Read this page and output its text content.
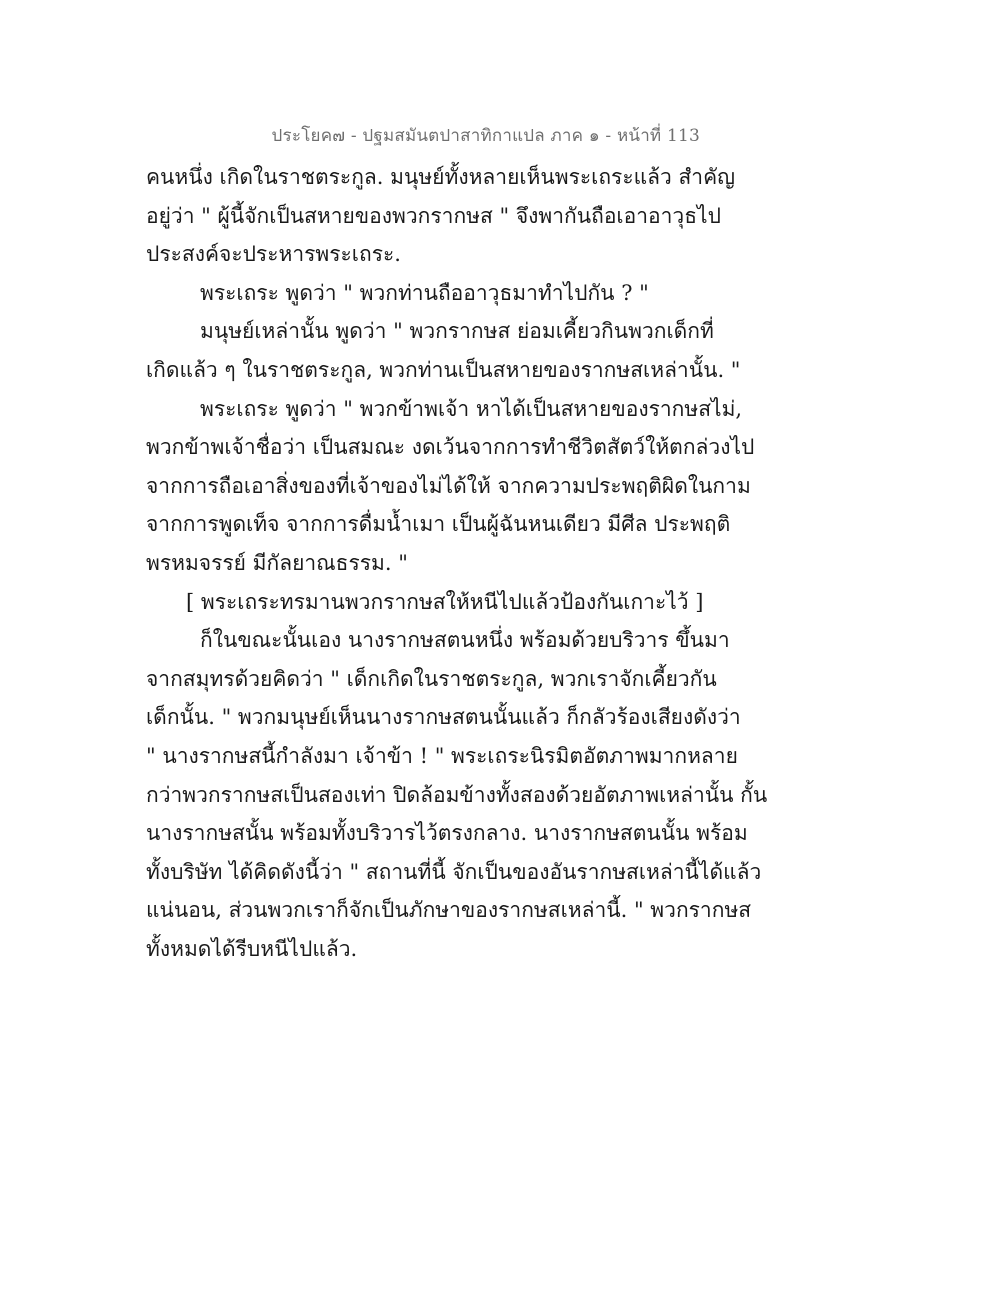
ประโยค๗ - ปฐมสมันตปาสาทิกาแปล ภาค ๑ - หน้าที่ 113
คนหนึ่ง เกิดในราชตระกูล. มนุษย์ทั้งหลายเห็นพระเถระแล้ว สำคัญ
อยู่ว่า " ผู้นี้จักเป็นสหายของพวกรากษส " จึงพากันถือเอาอาวุธไป
ประสงค์จะประหารพระเถระ.
พระเถระ พูดว่า " พวกท่านถืออาวุธมาทำไปกัน ? "
มนุษย์เหล่านั้น พูดว่า " พวกรากษส ย่อมเคี้ยวกินพวกเด็กที่
เกิดแล้ว ๆ ในราชตระกูล, พวกท่านเป็นสหายของรากษสเหล่านั้น. "
พระเถระ พูดว่า " พวกข้าพเจ้า หาได้เป็นสหายของรากษสไม่,
พวกข้าพเจ้าชื่อว่า เป็นสมณะ งดเว้นจากการทำชีวิตสัตว์ให้ตกล่วงไป
จากการถือเอาสิ่งของที่เจ้าของไม่ได้ให้ จากความประพฤติผิดในกาม
จากการพูดเท็จ จากการดื่มน้ำเมา เป็นผู้ฉันหนเดียว มีศีล ประพฤติ
พรหมจรรย์ มีกัลยาณธรรม. "
[ พระเถระทรมานพวกรากษสให้หนีไปแล้วป้องกันเกาะไว้ ]
ก็ในขณะนั้นเอง นางรากษสตนหนึ่ง พร้อมด้วยบริวาร ขึ้นมา
จากสมุทรด้วยคิดว่า " เด็กเกิดในราชตระกูล, พวกเราจักเคี้ยวกัน
เด็กนั้น. " พวกมนุษย์เห็นนางรากษสตนนั้นแล้ว ก็กลัวร้องเสียงดังว่า
" นางรากษสนี้กำลังมา เจ้าข้า ! " พระเถระนิรมิตอัตภาพมากหลาย
กว่าพวกรากษสเป็นสองเท่า ปิดล้อมข้างทั้งสองด้วยอัตภาพเหล่านั้น กั้น
นางรากษสนั้น พร้อมทั้งบริวารไว้ตรงกลาง. นางรากษสตนนั้น พร้อม
ทั้งบริษัท ได้คิดดังนี้ว่า " สถานที่นี้ จักเป็นของอันรากษสเหล่านี้ได้แล้ว
แน่นอน, ส่วนพวกเราก็จักเป็นภักษาของรากษสเหล่านี้. " พวกรากษส
ทั้งหมดได้รีบหนีไปแล้ว.
